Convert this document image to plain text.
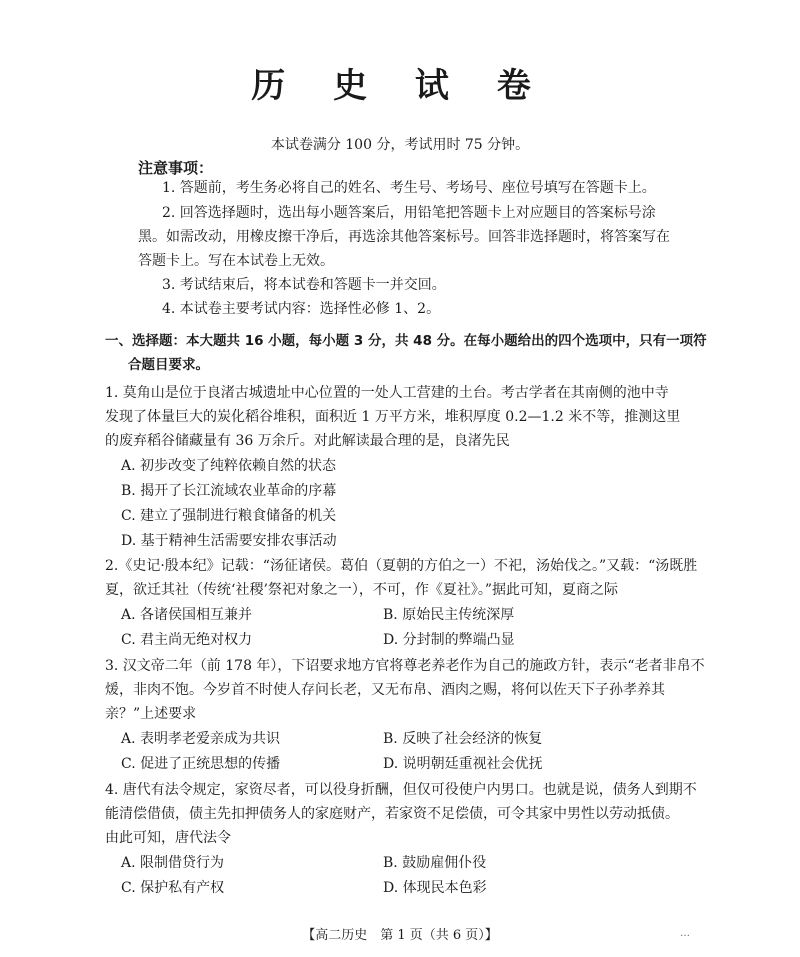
历 史 试 卷
本试卷满分 100 分，考试用时 75 分钟。
注意事项：
1. 答题前，考生务必将自己的姓名、考生号、考场号、座位号填写在答题卡上。
2. 回答选择题时，选出每小题答案后，用铅笔把答题卡上对应题目的答案标号涂
黑。如需改动，用橡皮擦干净后，再选涂其他答案标号。回答非选择题时，将答案写在
答题卡上。写在本试卷上无效。
3. 考试结束后，将本试卷和答题卡一并交回。
4. 本试卷主要考试内容：选择性必修 1、2。
一、选择题：本大题共 16 小题，每小题 3 分，共 48 分。在每小题给出的四个选项中，只有一项符
合题目要求。
1. 莫角山是位于良渚古城遗址中心位置的一处人工营建的土台。考古学者在其南侧的池中寺
发现了体量巨大的炭化稻谷堆积，面积近 1 万平方米，堆积厚度 0.2—1.2 米不等，推测这里
的废弃稻谷储藏量有 36 万余斤。对此解读最合理的是，良渚先民
A. 初步改变了纯粹依赖自然的状态
B. 揭开了长江流域农业革命的序幕
C. 建立了强制进行粮食储备的机关
D. 基于精神生活需要安排农事活动
2.《史记·殷本纪》记载：“汤征诸侯。葛伯（夏朝的方伯之一）不祀，汤始伐之。”又载：“汤既胜
夏，欲迁其社（传统‘社稷’祭祀对象之一），不可，作《夏社》。”据此可知，夏商之际
A. 各诸侯国相互兼并	B. 原始民主传统深厚
C. 君主尚无绝对权力	D. 分封制的弊端凸显
3. 汉文帝二年（前 178 年），下诏要求地方官将尊老养老作为自己的施政方针，表示“老者非帛不
煖，非肉不饱。今岁首不时使人存问长老，又无布帛、酒肉之赐，将何以佐天下子孙孝养其
亲？”上述要求
A. 表明孝老爱亲成为共识	B. 反映了社会经济的恢复
C. 促进了正统思想的传播	D. 说明朝廷重视社会优抚
4. 唐代有法令规定，家资尽者，可以役身折酬，但仅可役使户内男口。也就是说，债务人到期不
能清偿借债，债主先扣押债务人的家庭财产，若家资不足偿债，可令其家中男性以劳动抵债。
由此可知，唐代法令
A. 限制借贷行为	B. 鼓励雇佣仆役
C. 保护私有产权	D. 体现民本色彩
【高二历史　第 1 页（共 6 页）】	…
